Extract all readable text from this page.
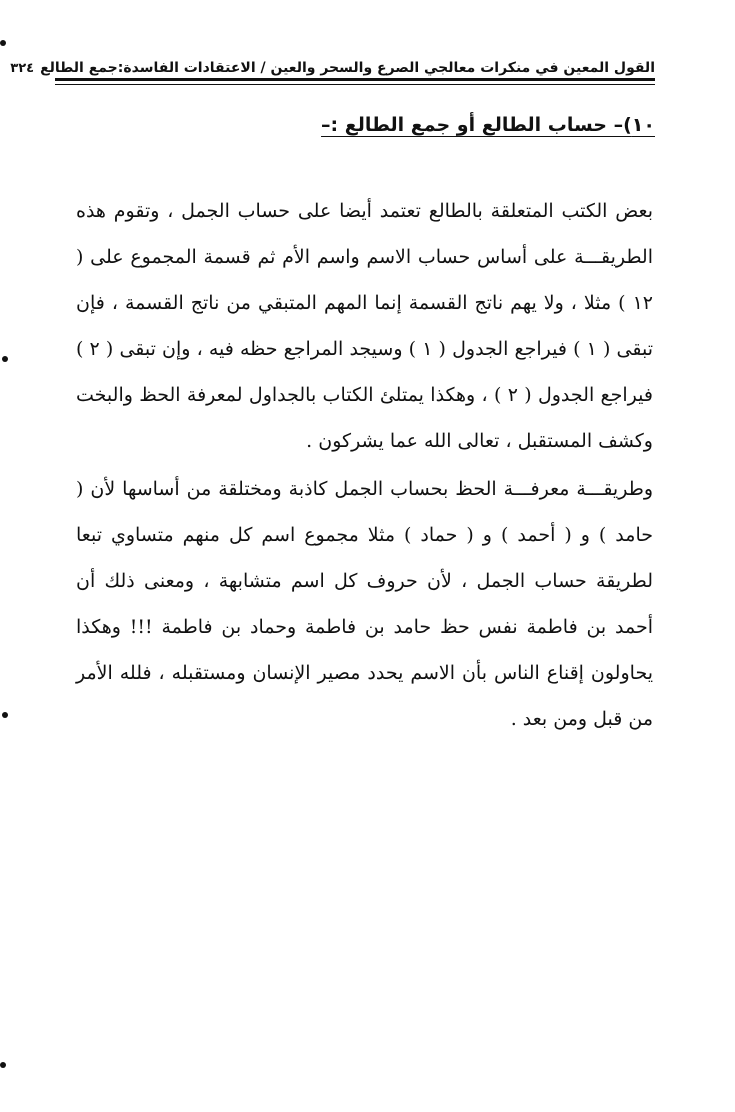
القول المعين في منكرات معالجي الصرع والسحر والعين / الاعتقادات الفاسدة:جمع الطالع
٣٢٤
١٠)– حساب الطالع أو جمع الطالع :–

بعض الكتب المتعلقة بالطالع تعتمد أيضا على حساب الجمل ، وتقوم هذه الطريقـــة على أساس حساب الاسم واسم الأم ثم قسمة المجموع على ( ١٢ ) مثلا ، ولا يهم ناتج القسمة إنما المهم المتبقي من ناتج القسمة ، فإن تبقى ( ١ ) فيراجع الجدول ( ١ ) وسيجد المراجع حظه فيه ، وإن تبقى ( ٢ ) فيراجع الجدول ( ٢ ) ، وهكذا يمتلئ الكتاب بالجداول لمعرفة الحظ والبخت وكشف المستقبل ، تعالى الله عما يشركون .

وطريقـــة معرفـــة الحظ بحساب الجمل كاذبة ومختلقة من أساسها لأن ( حامد ) و ( أحمد ) و ( حماد ) مثلا مجموع اسم كل منهم متساوي تبعا لطريقة حساب الجمل ، لأن حروف كل اسم متشابهة ، ومعنى ذلك أن أحمد بن فاطمة نفس حظ حامد بن فاطمة وحماد بن فاطمة !!! وهكذا يحاولون إقناع الناس بأن الاسم يحدد مصير الإنسان ومستقبله ، فلله الأمر من قبل ومن بعد .
